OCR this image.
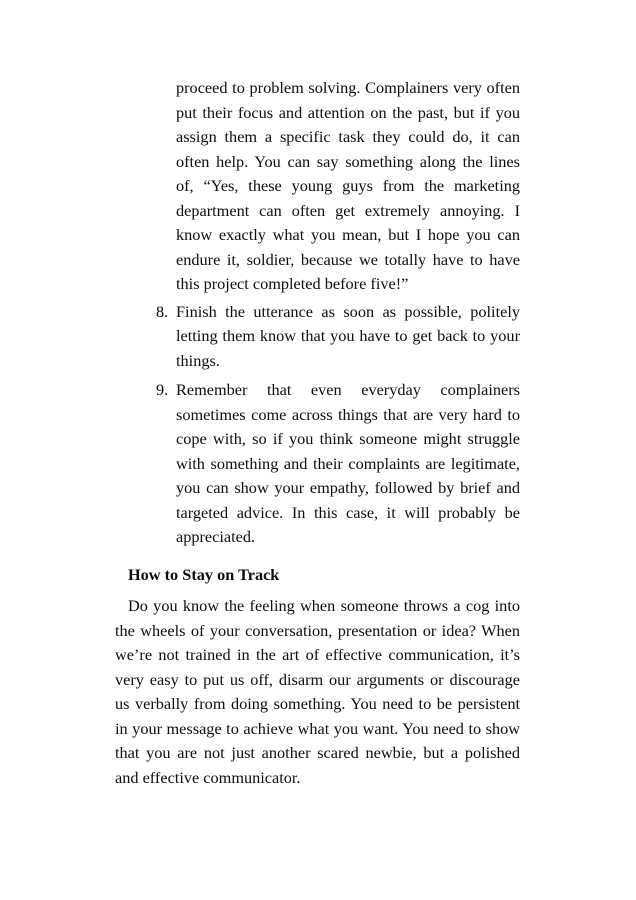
proceed to problem solving. Complainers very often put their focus and attention on the past, but if you assign them a specific task they could do, it can often help. You can say something along the lines of, “Yes, these young guys from the marketing department can often get extremely annoying. I know exactly what you mean, but I hope you can endure it, soldier, because we totally have to have this project completed before five!”

8. Finish the utterance as soon as possible, politely letting them know that you have to get back to your things.
9. Remember that even everyday complainers sometimes come across things that are very hard to cope with, so if you think someone might struggle with something and their complaints are legitimate, you can show your empathy, followed by brief and targeted advice. In this case, it will probably be appreciated.
How to Stay on Track

Do you know the feeling when someone throws a cog into the wheels of your conversation, presentation or idea? When we’re not trained in the art of effective communication, it’s very easy to put us off, disarm our arguments or discourage us verbally from doing something. You need to be persistent in your message to achieve what you want. You need to show that you are not just another scared newbie, but a polished and effective communicator.
